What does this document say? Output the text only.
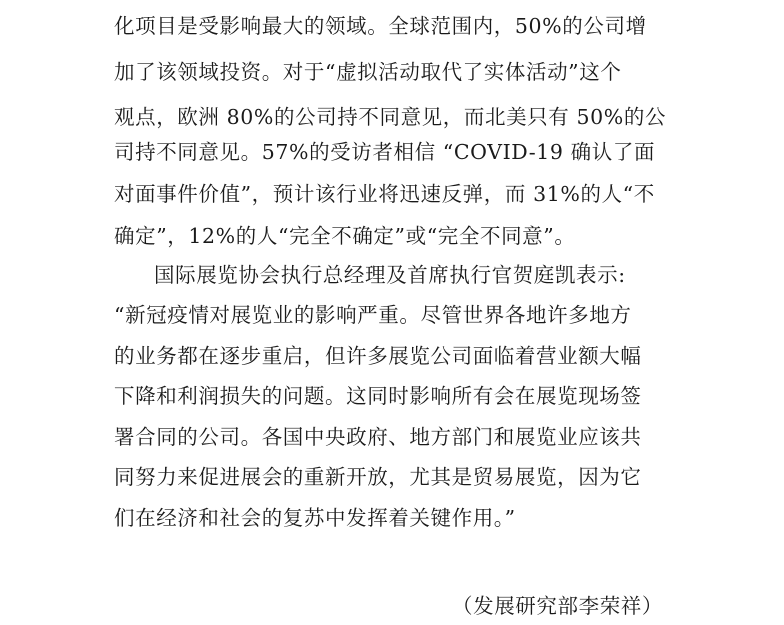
化项目是受影响最大的领域。全球范围内，50%的公司增
加了该领域投资。对于“虚拟活动取代了实体活动”这个
观点，欧洲 80%的公司持不同意见，而北美只有 50%的公
司持不同意见。57%的受访者相信 “COVID-19 确认了面
对面事件价值”，预计该行业将迅速反弹，而 31%的人“不
确定”，12%的人“完全不确定”或“完全不同意”。
国际展览协会执行总经理及首席执行官贺庭凯表示:
“新冠疫情对展览业的影响严重。尽管世界各地许多地方
的业务都在逐步重启，但许多展览公司面临着营业额大幅
下降和利润损失的问题。这同时影响所有会在展览现场签
署合同的公司。各国中央政府、地方部门和展览业应该共
同努力来促进展会的重新开放，尤其是贸易展览，因为它
们在经济和社会的复苏中发挥着关键作用。”
（发展研究部李荣祥）
